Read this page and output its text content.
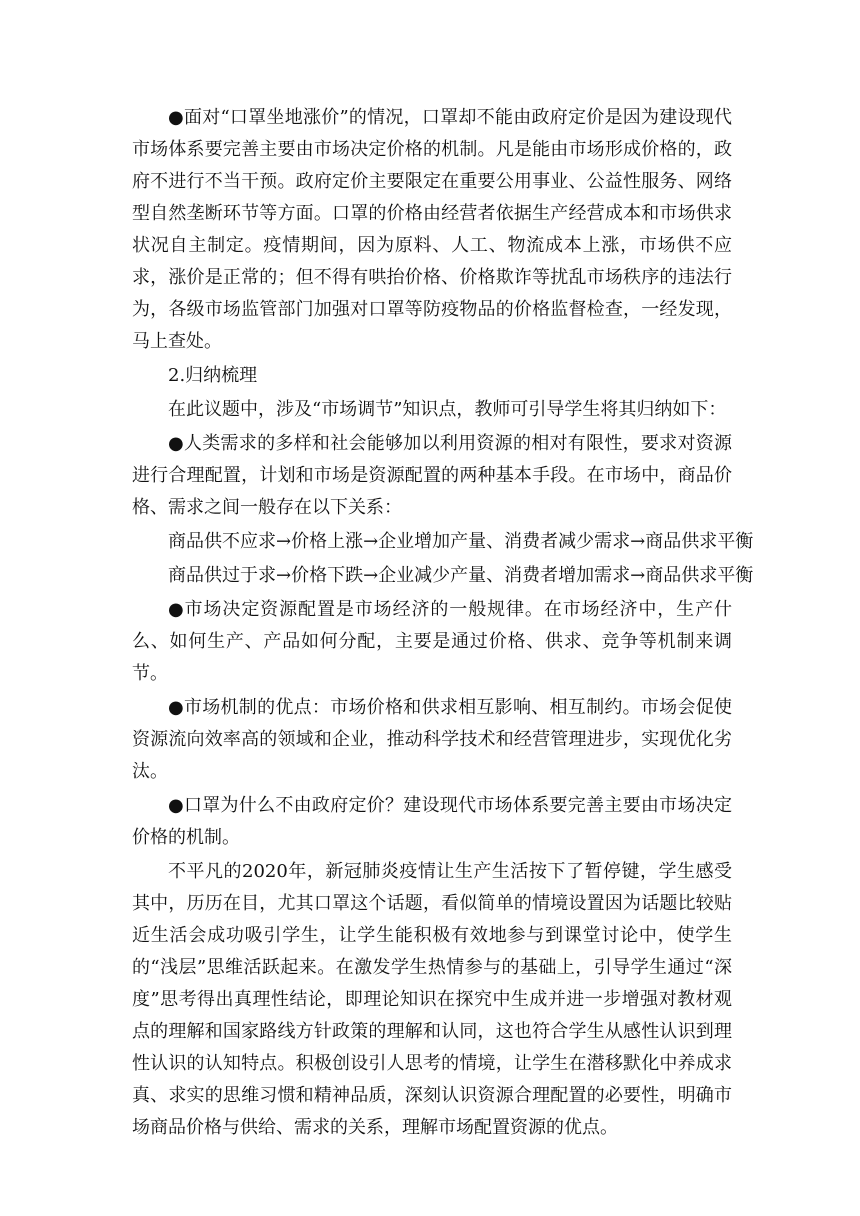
●面对“口罩坐地涨价”的情况，口罩却不能由政府定价是因为建设现代市场体系要完善主要由市场决定价格的机制。凡是能由市场形成价格的，政府不进行不当干预。政府定价主要限定在重要公用事业、公益性服务、网络型自然垄断环节等方面。口罩的价格由经营者依据生产经营成本和市场供求状况自主制定。疫情期间，因为原料、人工、物流成本上涨，市场供不应求，涨价是正常的；但不得有哄抬价格、价格欺诈等扰乱市场秩序的违法行为，各级市场监管部门加强对口罩等防疫物品的价格监督检查，一经发现，马上查处。

2.归纳梳理

在此议题中，涉及“市场调节”知识点，教师可引导学生将其归纳如下：

●人类需求的多样和社会能够加以利用资源的相对有限性，要求对资源进行合理配置，计划和市场是资源配置的两种基本手段。在市场中，商品价格、需求之间一般存在以下关系：

商品供不应求→价格上涨→企业增加产量、消费者减少需求→商品供求平衡

商品供过于求→价格下跌→企业减少产量、消费者增加需求→商品供求平衡

●市场决定资源配置是市场经济的一般规律。在市场经济中，生产什么、如何生产、产品如何分配，主要是通过价格、供求、竞争等机制来调节。

●市场机制的优点：市场价格和供求相互影响、相互制约。市场会促使资源流向效率高的领域和企业，推动科学技术和经营管理进步，实现优化劣汰。

●口罩为什么不由政府定价？建设现代市场体系要完善主要由市场决定价格的机制。

不平凡的2020年，新冠肺炎疫情让生产生活按下了暂停键，学生感受其中，历历在目，尤其口罩这个话题，看似简单的情境设置因为话题比较贴近生活会成功吸引学生，让学生能积极有效地参与到课堂讨论中，使学生的“浅层”思维活跃起来。在激发学生热情参与的基础上，引导学生通过“深度”思考得出真理性结论，即理论知识在探究中生成并进一步增强对教材观点的理解和国家路线方针政策的理解和认同，这也符合学生从感性认识到理性认识的认知特点。积极创设引人思考的情境，让学生在潜移默化中养成求真、求实的思维习惯和精神品质，深刻认识资源合理配置的必要性，明确市场商品价格与供给、需求的关系，理解市场配置资源的优点。
